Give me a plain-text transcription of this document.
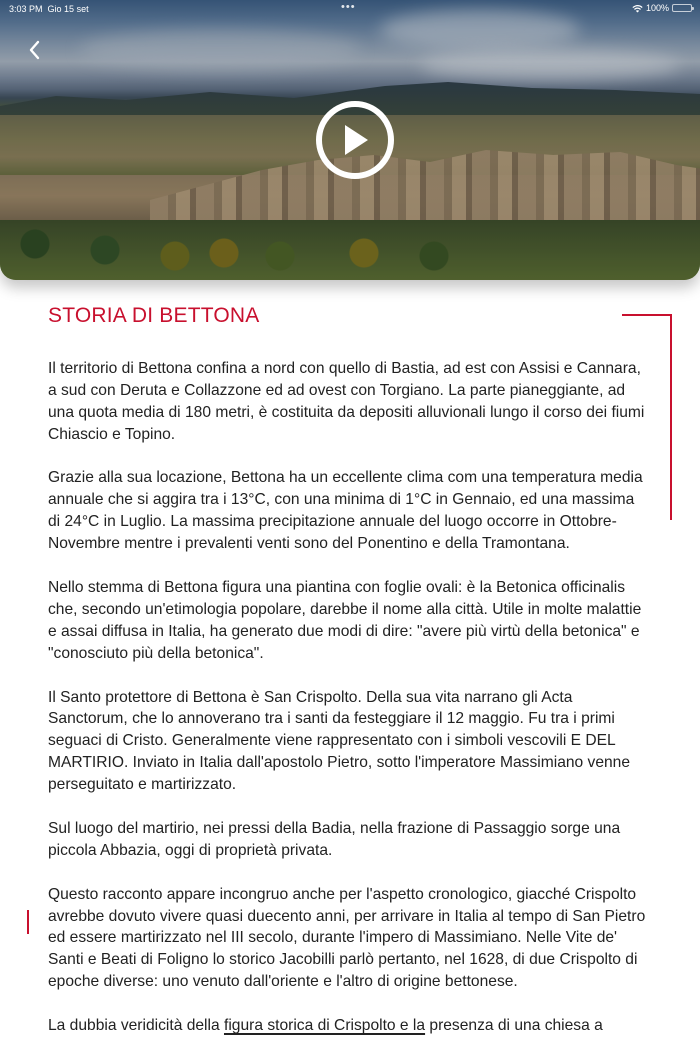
3:03 PM Gio 15 set	•••	100%
STORIA DI BETTONA

Il territorio di Bettona confina a nord con quello di Bastia, ad est con Assisi e Cannara, a sud con Deruta e Collazzone ed ad ovest con Torgiano. La parte pianeggiante, ad una quota media di 180 metri, è costituita da depositi alluvionali lungo il corso dei fiumi Chiascio e Topino.

Grazie alla sua locazione, Bettona ha un eccellente clima com una temperatura media annuale che si aggira tra i 13°C, con una minima di 1°C in Gennaio, ed una massima di 24°C in Luglio. La massima precipitazione annuale del luogo occorre in Ottobre-Novembre mentre i prevalenti venti sono del Ponentino e della Tramontana.

Nello stemma di Bettona figura una piantina con foglie ovali: è la Betonica officinalis che, secondo un'etimologia popolare, darebbe il nome alla città. Utile in molte malattie e assai diffusa in Italia, ha generato due modi di dire: "avere più virtù della betonica" e "conosciuto più della betonica".

Il Santo protettore di Bettona è San Crispolto. Della sua vita narrano gli Acta Sanctorum, che lo annoverano tra i santi da festeggiare il 12 maggio. Fu tra i primi seguaci di Cristo. Generalmente viene rappresentato con i simboli vescovili E DEL MARTIRIO. Inviato in Italia dall'apostolo Pietro, sotto l'imperatore Massimiano venne perseguitato e martirizzato.

Sul luogo del martirio, nei pressi della Badia, nella frazione di Passaggio sorge una piccola Abbazia, oggi di proprietà privata.

Questo racconto appare incongruo anche per l'aspetto cronologico, giacché Crispolto avrebbe dovuto vivere quasi duecento anni, per arrivare in Italia al tempo di San Pietro ed essere martirizzato nel III secolo, durante l'impero di Massimiano. Nelle Vite de' Santi e Beati di Foligno lo storico Jacobilli parlò pertanto, nel 1628, di due Crispolto di epoche diverse: uno venuto dall'oriente e l'altro di origine bettonese.

La dubbia veridicità della figura storica di Crispolto e la presenza di una chiesa a
